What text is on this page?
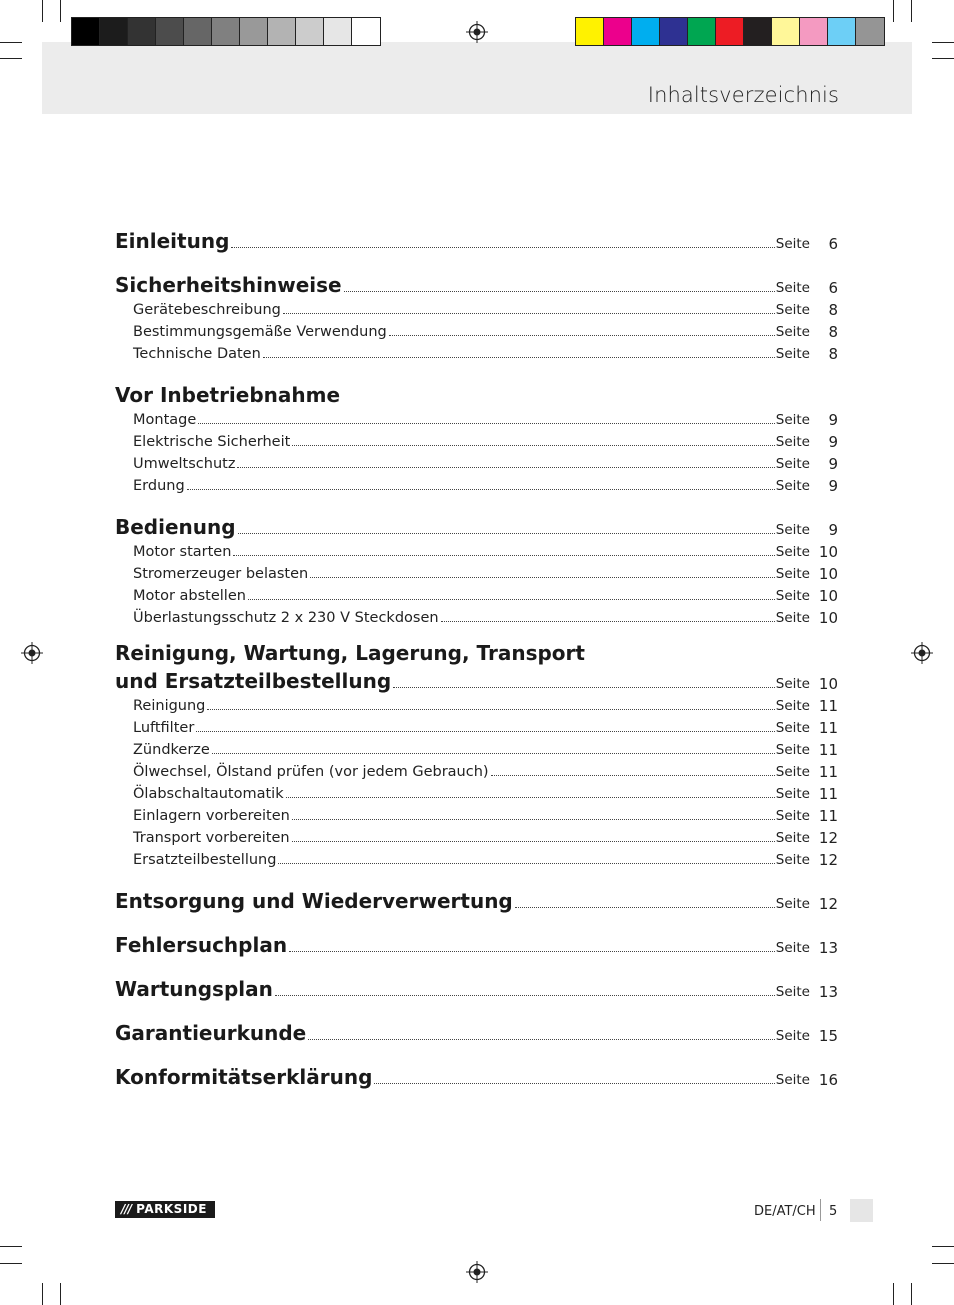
Inhaltsverzeichnis
Einleitung	Seite	6
Sicherheitshinweise	Seite	6
Gerätebeschreibung	Seite	8
Bestimmungsgemäße Verwendung	Seite	8
Technische Daten	Seite	8
Vor Inbetriebnahme
Montage	Seite	9
Elektrische Sicherheit	Seite	9
Umweltschutz	Seite	9
Erdung	Seite	9
Bedienung	Seite	9
Motor starten	Seite 10
Stromerzeuger belasten	Seite 10
Motor abstellen	Seite 10
Überlastungsschutz 2 x 230 V Steckdosen	Seite 10
Reinigung, Wartung, Lagerung, Transport
und Ersatzteilbestellung	Seite 10
Reinigung	Seite 11
Luftfilter	Seite 11
Zündkerze	Seite 11
Ölwechsel, Ölstand prüfen (vor jedem Gebrauch)	Seite 11
Ölabschaltautomatik	Seite 11
Einlagern vorbereiten	Seite 11
Transport vorbereiten	Seite 12
Ersatzteilbestellung	Seite 12
Entsorgung und Wiederverwertung	Seite 12
Fehlersuchplan	Seite 13
Wartungsplan	Seite 13
Garantieurkunde	Seite 15
Konformitätserklärung	Seite 16
/// PARKSIDE	DE/AT/CH 5
